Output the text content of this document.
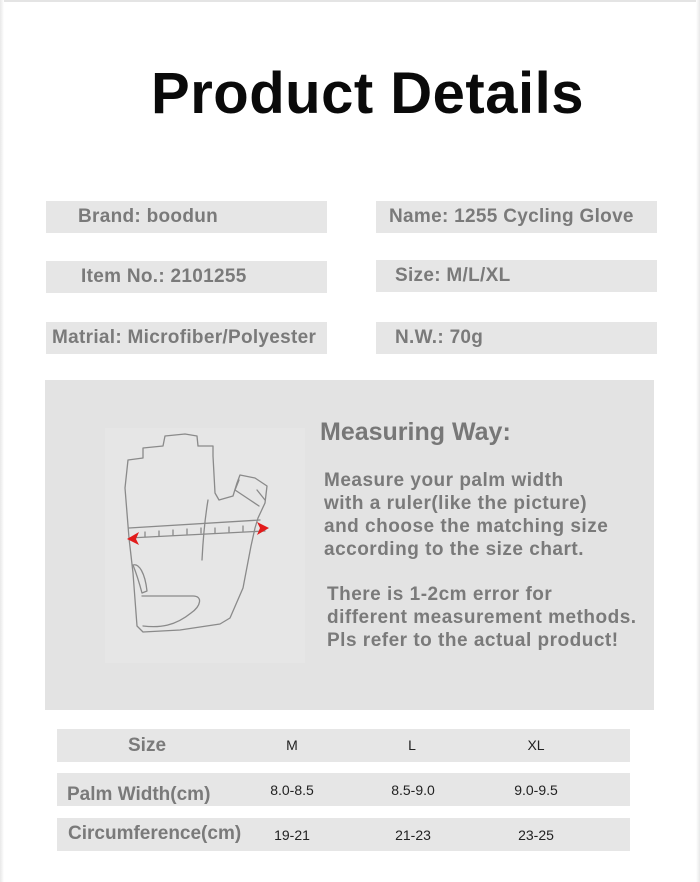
Product Details
Brand: boodun	Name: 1255 Cycling Glove
Item No.: 2101255	Size: M/L/XL
Matrial: Microfiber/Polyester	N.W.: 70g
Measuring Way:
Measure your palm width
with a ruler(like the picture)
and choose the matching size
according to the size chart.
There is 1-2cm error for
different measurement methods.
Pls refer to the actual product!
Size	M	L	XL
Palm Width(cm)	8.0-8.5	8.5-9.0	9.0-9.5
Circumference(cm)	19-21	21-23	23-25
